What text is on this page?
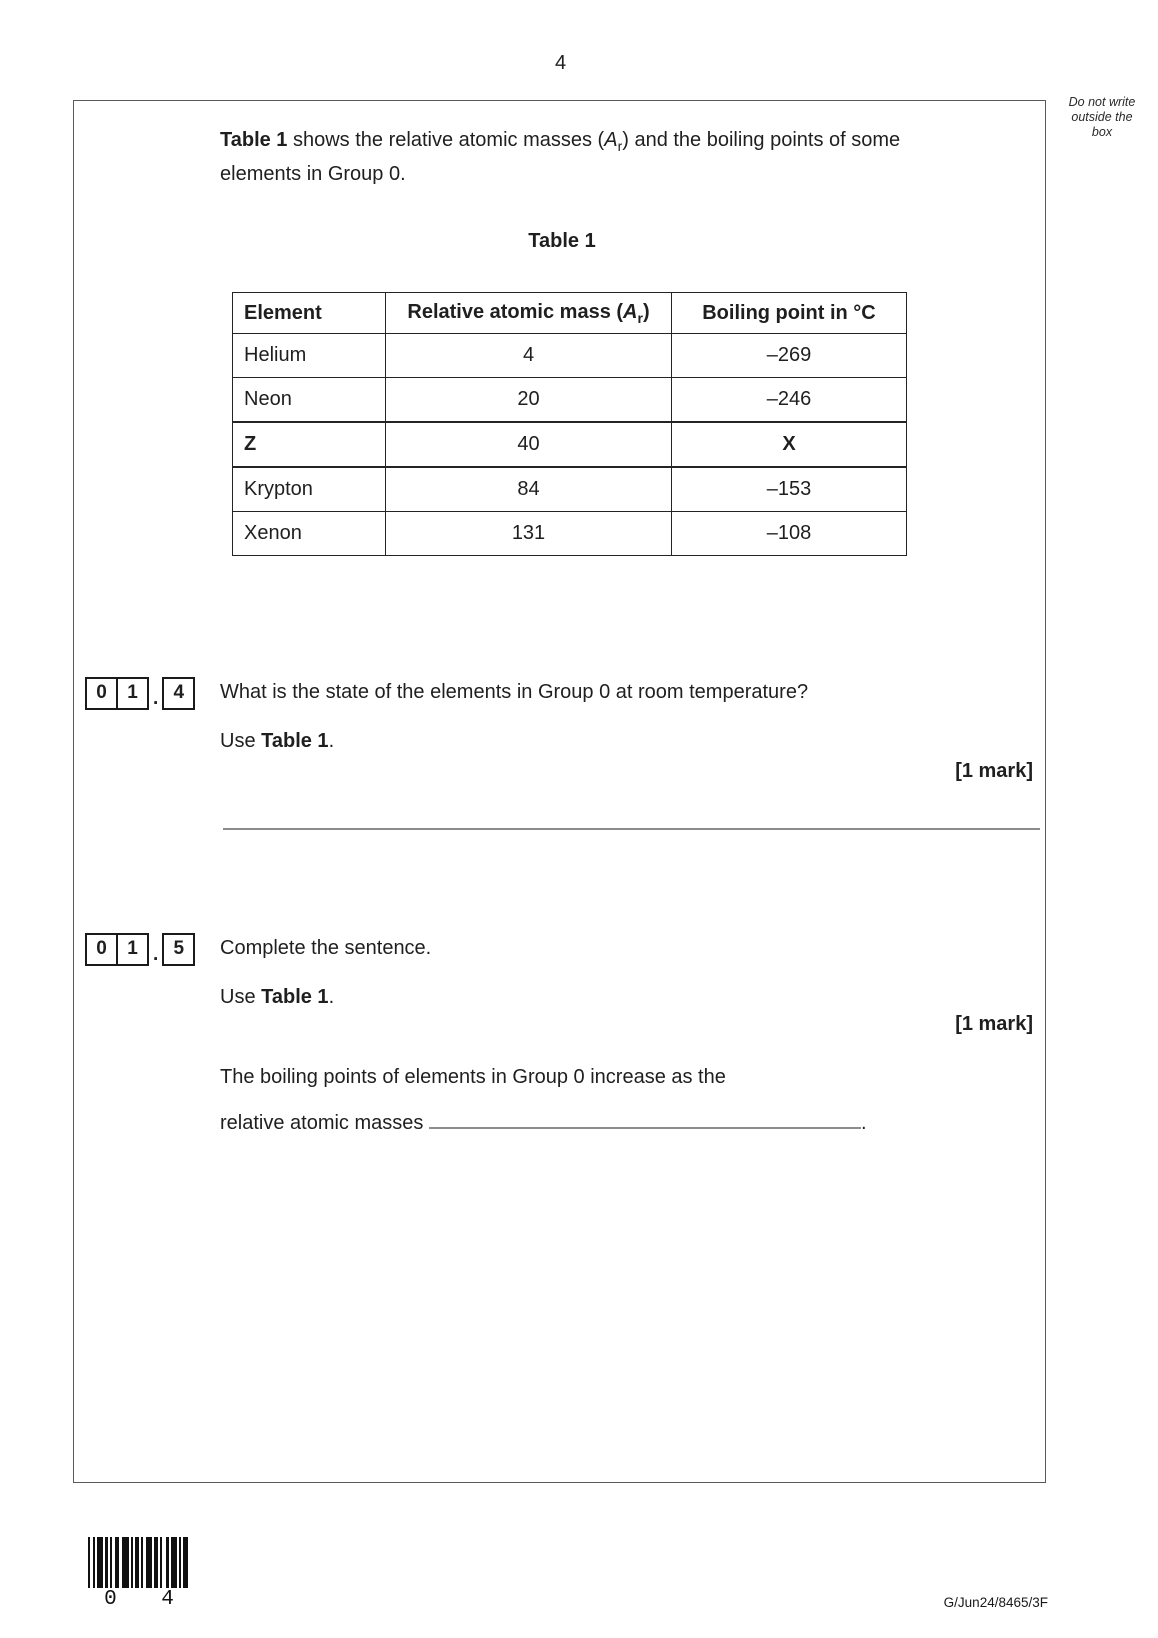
4
Do not write
outside the
box
Table 1 shows the relative atomic masses $(A_r)$ and the boiling points of some
elements in Group 0.
Table 1
Element	Relative atomic mass $(A_r)$	Boiling point in °C
Helium	4	–269
Neon	20	–246
Z	40	X
Krypton	84	–153
Xenon	131	–108
0	1 . 4	What is the state of the elements in Group 0 at room temperature?
Use Table 1.
[1 mark]
0	1 . 5	Complete the sentence.
Use Table 1.
[1 mark]
The boiling points of elements in Group 0 increase as the
relative atomic masses	.
0 4	G/Jun24/8465/3F
